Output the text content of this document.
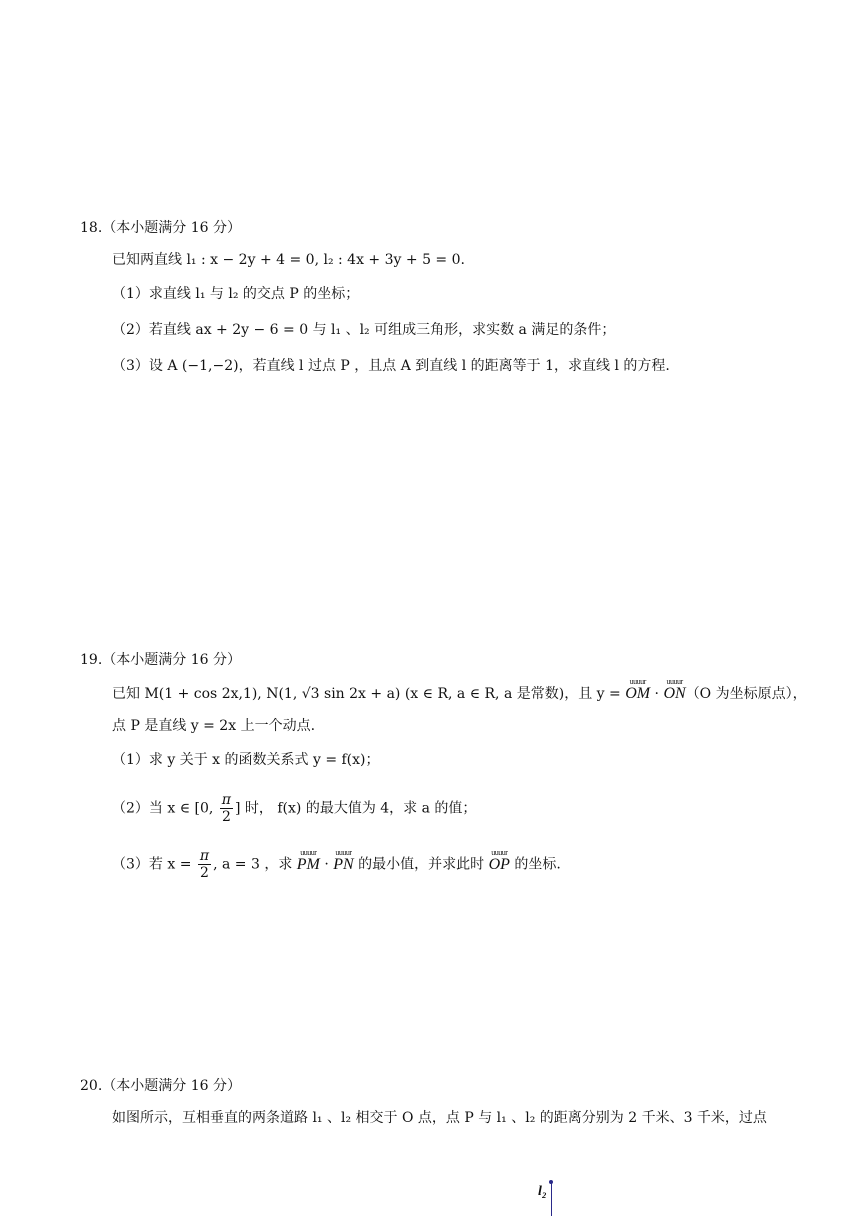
18.（本小题满分 16 分）
已知两直线 l₁ : x − 2y + 4 = 0, l₂ : 4x + 3y + 5 = 0.
（1）求直线 l₁ 与 l₂ 的交点 P 的坐标；
（2）若直线 ax + 2y − 6 = 0 与 l₁ 、l₂ 可组成三角形，求实数 a 满足的条件；
（3）设 A (−1,−2)，若直线 l 过点 P ，且点 A 到直线 l 的距离等于 1，求直线 l 的方程.
19.（本小题满分 16 分）
已知 M(1 + cos 2x,1), N(1, √3 sin 2x + a) (x ∈ R, a ∈ R, a 是常数)，且 y = uuuur OM · uuuur ON（O 为坐标原点），
点 P 是直线 y = 2x 上一个动点.
（1）求 y 关于 x 的函数关系式 y = f(x)；
（2）当 x ∈ [0, $\frac{\pi}{2}$ ] 时， f(x) 的最大值为 4，求 a 的值；
（3）若 $x = \frac{\pi}{2}$ , a = 3 ，求 uuuur PM · uuuur PN 的最小值，并求此时 uuuur OP 的坐标.
20.（本小题满分 16 分）
如图所示，互相垂直的两条道路 l₁ 、l₂ 相交于 O 点，点 P 与 l₁ 、l₂ 的距离分别为 2 千米、3 千米，过点
l₂
